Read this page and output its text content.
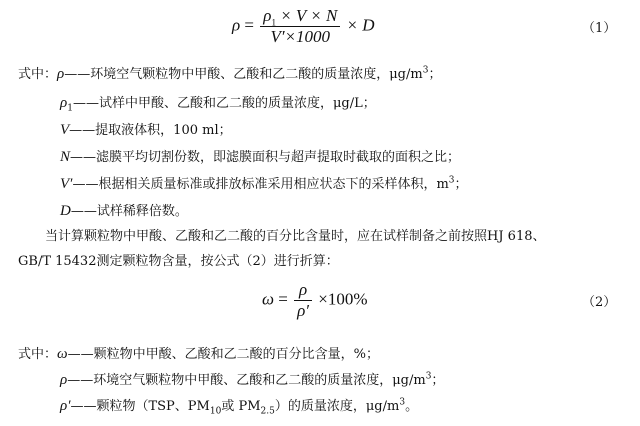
$\rho = \frac{\rho_1 \times V \times N}{V'\times 1000} \times D$	（1）
式中：ρ——环境空气颗粒物中甲酸、乙酸和乙二酸的质量浓度，$\mu g/m^3$；
$\rho_1——$试样中甲酸、乙酸和乙二酸的质量浓度，μg/L；
V——提取液体积，100 ml；
N——滤膜平均切割份数，即滤膜面积与超声提取时截取的面积之比；
V′——根据相关质量标准或排放标准采用相应状态下的采样体积，$m^3$；
D——试样稀释倍数。
当计算颗粒物中甲酸、乙酸和乙二酸的百分比含量时，应在试样制备之前按照HJ 618、
GB/T 15432测定颗粒物含量，按公式（2）进行折算：
$\omega = \frac{\rho}{\rho'} \times 100\%$	（2）
式中：ω——颗粒物中甲酸、乙酸和乙二酸的百分比含量，%；
ρ——环境空气颗粒物中甲酸、乙酸和乙二酸的质量浓度，$\mu g/m^3$；
ρ′——颗粒物（TSP、$PM_{10}$或 $PM_{2.5}$）的质量浓度，$\mu g/m^3$。
